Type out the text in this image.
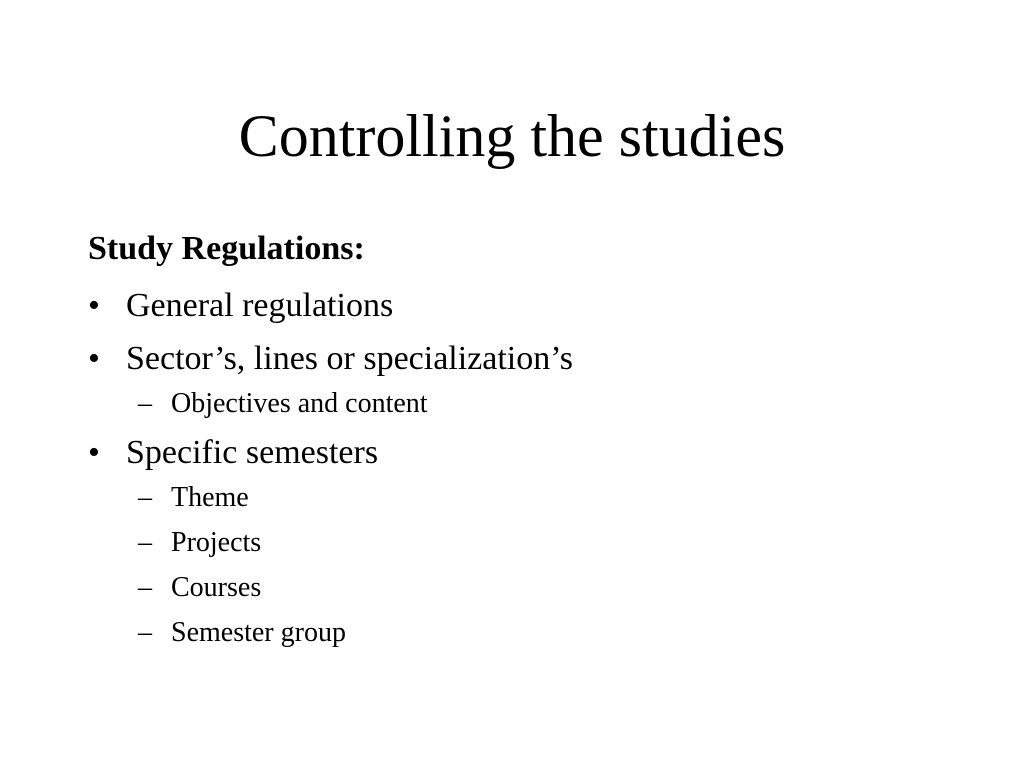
Controlling the studies
Study Regulations:
• General regulations
• Sector’s, lines or specialization’s
– Objectives and content
• Specific semesters
– Theme
– Projects
– Courses
– Semester group
